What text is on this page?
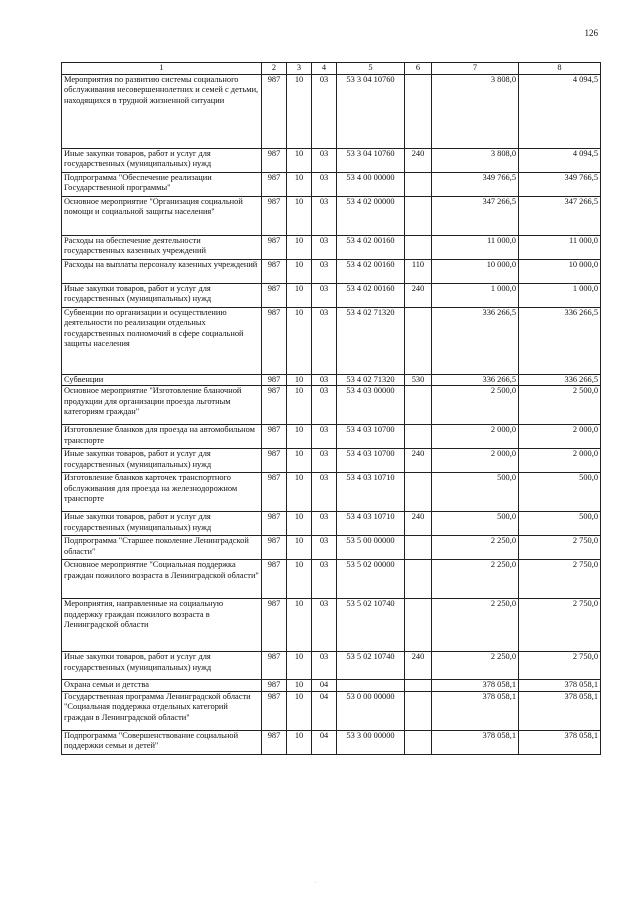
126
1	2	3	4	5	6	7	8
Мероприятия по развитию системы социального обслуживания несовершеннолетних и семей с детьми, находящихся в трудной жизненной ситуации	987	10	03	53 3 04 10760		3 808,0	4 094,5
Иные закупки товаров, работ и услуг для государственных (муниципальных) нужд	987	10	03	53 3 04 10760	240	3 808,0	4 094,5
Подпрограмма "Обеспечение реализации Государственной программы"	987	10	03	53 4 00 00000		349 766,5	349 766,5
Основное мероприятие "Организация социальной помощи и социальной защиты населения"	987	10	03	53 4 02 00000		347 266,5	347 266,5
Расходы на обеспечение деятельности государственных казенных учреждений	987	10	03	53 4 02 00160		11 000,0	11 000,0
Расходы на выплаты персоналу казенных учреждений	987	10	03	53 4 02 00160	110	10 000,0	10 000,0
Иные закупки товаров, работ и услуг для государственных (муниципальных) нужд	987	10	03	53 4 02 00160	240	1 000,0	1 000,0
Субвенции по организации и осуществлению деятельности по реализации отдельных государственных полномочий в сфере социальной защиты населения	987	10	03	53 4 02 71320		336 266,5	336 266,5
Субвенции	987	10	03	53 4 02 71320	530	336 266,5	336 266,5
Основное мероприятие "Изготовление бланочной продукции для организации проезда льготным категориям граждан"	987	10	03	53 4 03 00000		2 500,0	2 500,0
Изготовление бланков для проезда на автомобильном транспорте	987	10	03	53 4 03 10700		2 000,0	2 000,0
Иные закупки товаров, работ и услуг для государственных (муниципальных) нужд	987	10	03	53 4 03 10700	240	2 000,0	2 000,0
Изготовление бланков карточек транспортного обслуживания для проезда на железнодорожном транспорте	987	10	03	53 4 03 10710		500,0	500,0
Иные закупки товаров, работ и услуг для государственных (муниципальных) нужд	987	10	03	53 4 03 10710	240	500,0	500,0
Подпрограмма "Старшее поколение Ленинградской области"	987	10	03	53 5 00 00000		2 250,0	2 750,0
Основное мероприятие "Социальная поддержка граждан пожилого возраста в Ленинградской области"	987	10	03	53 5 02 00000		2 250,0	2 750,0
Мероприятия, направленные на социальную поддержку граждан пожилого возраста в Ленинградской области	987	10	03	53 5 02 10740		2 250,0	2 750,0
Иные закупки товаров, работ и услуг для государственных (муниципальных) нужд	987	10	03	53 5 02 10740	240	2 250,0	2 750,0
Охрана семьи и детства	987	10	04			378 058,1	378 058,1
Государственная программа Ленинградской области "Социальная поддержка отдельных категорий граждан в Ленинградской области"	987	10	04	53 0 00 00000		378 058,1	378 058,1
Подпрограмма "Совершенствование социальной поддержки семьи и детей"	987	10	04	53 3 00 00000		378 058,1	378 058,1
·
